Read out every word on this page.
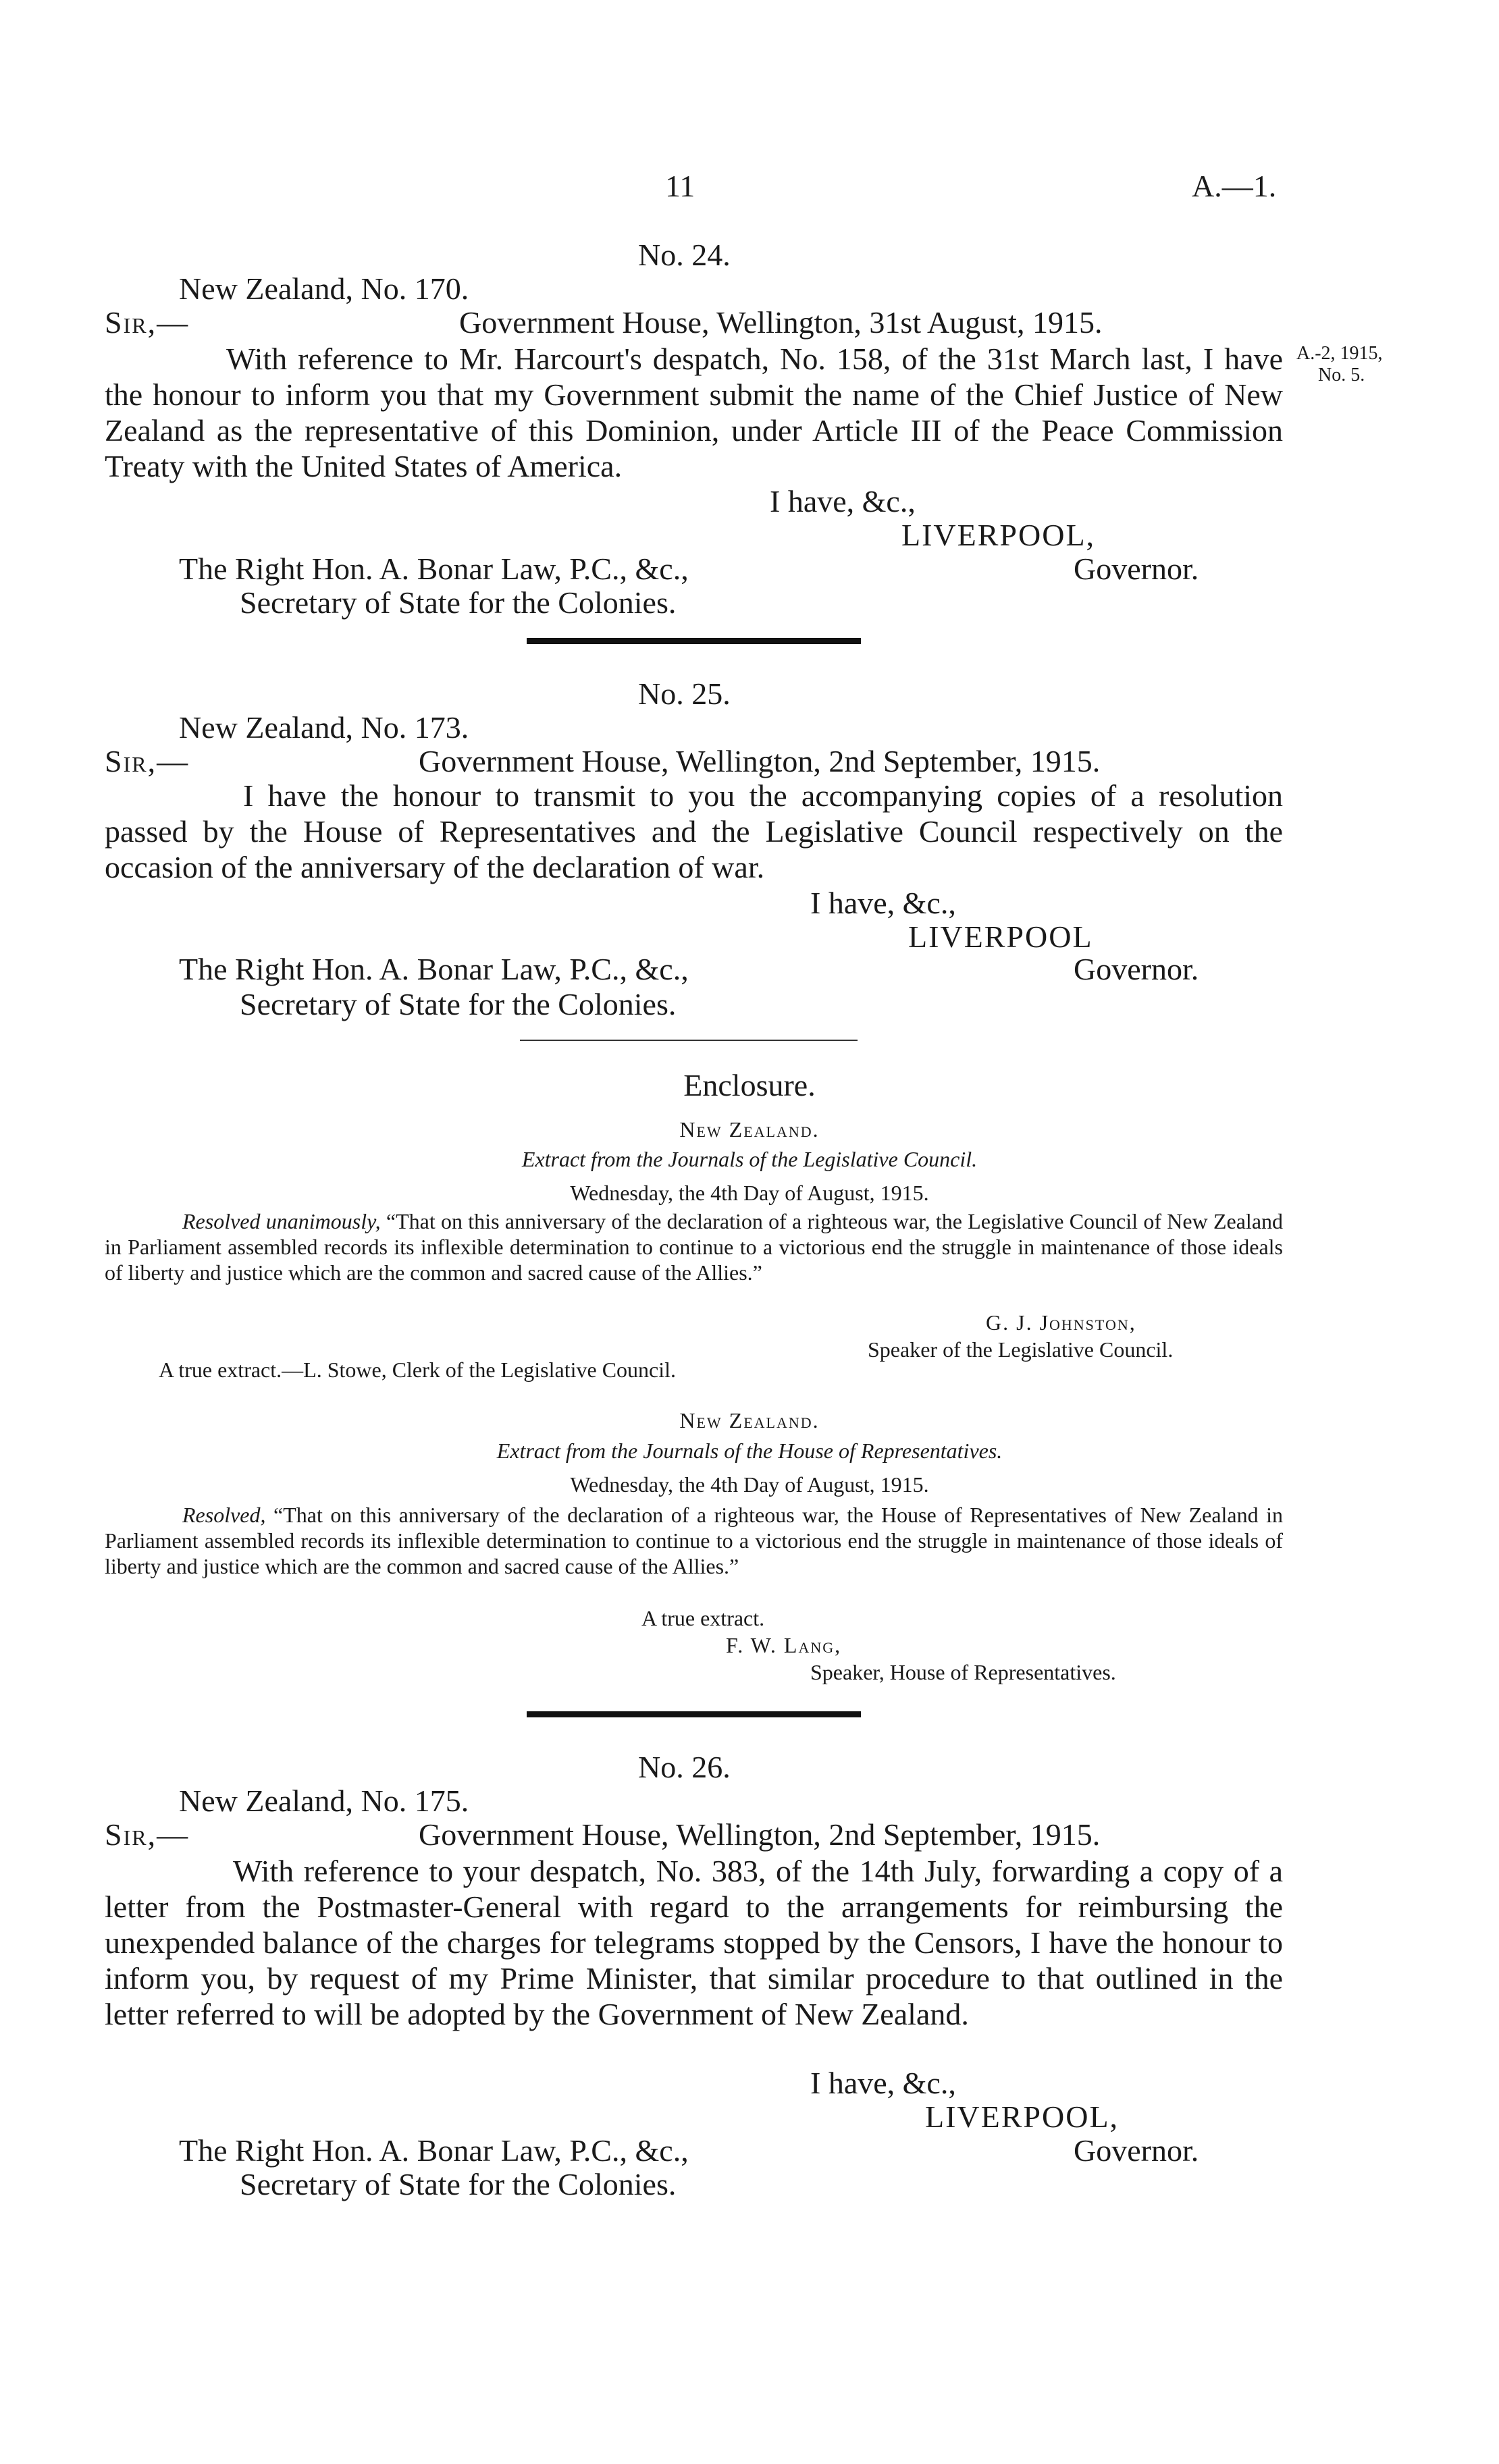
11	A.—1.
No. 24.
New Zealand, No. 170.
Sir,—	Government House, Wellington, 31st August, 1915.
With reference to Mr. Harcourt's despatch, No. 158, of the 31st March last, I have the honour to inform you that my Government submit the name of the Chief Justice of New Zealand as the representative of this Dominion, under Article III of the Peace Commission Treaty with the United States of America.
A.-2, 1915,
No. 5.
I have, &c.,
LIVERPOOL,
The Right Hon. A. Bonar Law, P.C., &c.,	Governor.
Secretary of State for the Colonies.
No. 25.
New Zealand, No. 173.
Sir,—	Government House, Wellington, 2nd September, 1915.
I have the honour to transmit to you the accompanying copies of a resolution passed by the House of Representatives and the Legislative Council respectively on the occasion of the anniversary of the declaration of war.
I have, &c.,
LIVERPOOL
The Right Hon. A. Bonar Law, P.C., &c.,	Governor.
Secretary of State for the Colonies.
Enclosure.
New Zealand.
Extract from the Journals of the Legislative Council.
Wednesday, the 4th Day of August, 1915.
Resolved unanimously, “That on this anniversary of the declaration of a righteous war, the Legislative Council of New Zealand in Parliament assembled records its inflexible determination to continue to a victorious end the struggle in maintenance of those ideals of liberty and justice which are the common and sacred cause of the Allies.”
G. J. Johnston,
Speaker of the Legislative Council.
A true extract.—L. Stowe, Clerk of the Legislative Council.
New Zealand.
Extract from the Journals of the House of Representatives.
Wednesday, the 4th Day of August, 1915.
Resolved, “That on this anniversary of the declaration of a righteous war, the House of Representatives of New Zealand in Parliament assembled records its inflexible determination to continue to a victorious end the struggle in maintenance of those ideals of liberty and justice which are the common and sacred cause of the Allies.”
A true extract.
F. W. Lang,
Speaker, House of Representatives.
No. 26.
New Zealand, No. 175.
Sir,—	Government House, Wellington, 2nd September, 1915.
With reference to your despatch, No. 383, of the 14th July, forwarding a copy of a letter from the Postmaster-General with regard to the arrangements for reimbursing the unexpended balance of the charges for telegrams stopped by the Censors, I have the honour to inform you, by request of my Prime Minister, that similar procedure to that outlined in the letter referred to will be adopted by the Government of New Zealand.
I have, &c.,
LIVERPOOL,
The Right Hon. A. Bonar Law, P.C., &c.,	Governor.
Secretary of State for the Colonies.
